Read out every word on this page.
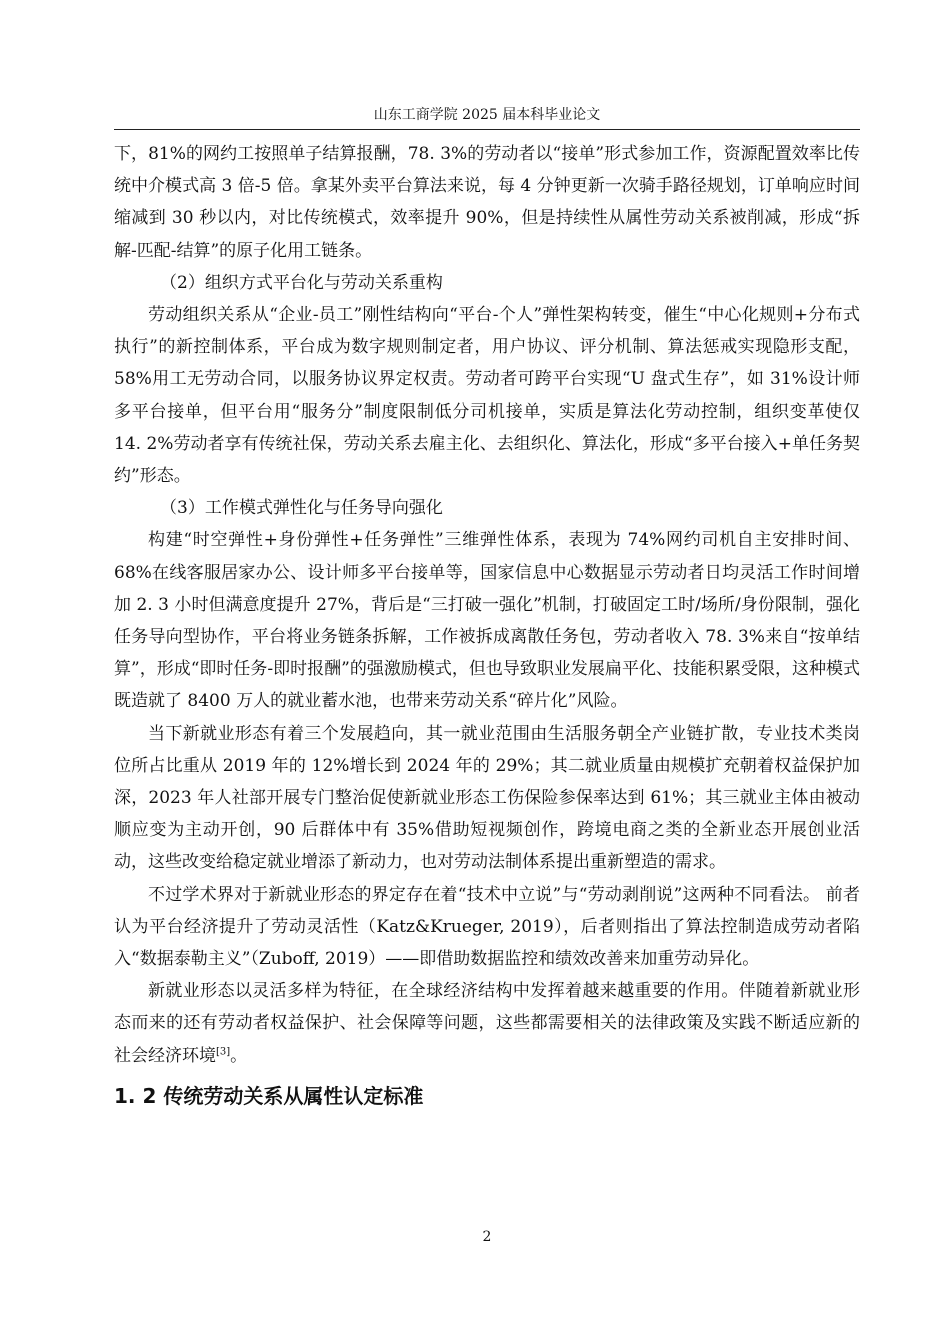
山东工商学院 2025 届本科毕业论文

下，81%的网约工按照单子结算报酬，78. 3%的劳动者以“接单”形式参加工作，资源配置效率比传统中介模式高 3 倍-5 倍。拿某外卖平台算法来说，每 4 分钟更新一次骑手路径规划，订单响应时间缩减到 30 秒以内，对比传统模式，效率提升 90%，但是持续性从属性劳动关系被削减，形成“拆解-匹配-结算”的原子化用工链条。

（2）组织方式平台化与劳动关系重构

劳动组织关系从“企业-员工”刚性结构向“平台-个人”弹性架构转变，催生“中心化规则+分布式执行”的新控制体系，平台成为数字规则制定者，用户协议、评分机制、算法惩戒实现隐形支配，58%用工无劳动合同，以服务协议界定权责。劳动者可跨平台实现“U 盘式生存”，如 31%设计师多平台接单，但平台用“服务分”制度限制低分司机接单，实质是算法化劳动控制，组织变革使仅 14. 2%劳动者享有传统社保，劳动关系去雇主化、去组织化、算法化，形成“多平台接入+单任务契约”形态。

（3）工作模式弹性化与任务导向强化

构建“时空弹性+身份弹性+任务弹性”三维弹性体系，表现为 74%网约司机自主安排时间、68%在线客服居家办公、设计师多平台接单等，国家信息中心数据显示劳动者日均灵活工作时间增加 2. 3 小时但满意度提升 27%，背后是“三打破一强化”机制，打破固定工时/场所/身份限制，强化任务导向型协作，平台将业务链条拆解，工作被拆成离散任务包，劳动者收入 78. 3%来自“按单结算”，形成“即时任务-即时报酬”的强激励模式，但也导致职业发展扁平化、技能积累受限，这种模式既造就了 8400 万人的就业蓄水池，也带来劳动关系“碎片化”风险。

当下新就业形态有着三个发展趋向，其一就业范围由生活服务朝全产业链扩散，专业技术类岗位所占比重从 2019 年的 12%增长到 2024 年的 29%；其二就业质量由规模扩充朝着权益保护加深，2023 年人社部开展专门整治促使新就业形态工伤保险参保率达到 61%；其三就业主体由被动顺应变为主动开创，90 后群体中有 35%借助短视频创作，跨境电商之类的全新业态开展创业活动，这些改变给稳定就业增添了新动力，也对劳动法制体系提出重新塑造的需求。

不过学术界对于新就业形态的界定存在着“技术中立说”与“劳动剥削说”这两种不同看法。 前者认为平台经济提升了劳动灵活性（Katz&Krueger, 2019），后者则指出了算法控制造成劳动者陷入“数据泰勒主义”（Zuboff, 2019）——即借助数据监控和绩效改善来加重劳动异化。

新就业形态以灵活多样为特征，在全球经济结构中发挥着越来越重要的作用。伴随着新就业形态而来的还有劳动者权益保护、社会保障等问题，这些都需要相关的法律政策及实践不断适应新的社会经济环境[3]。

1. 2 传统劳动关系从属性认定标准
2
